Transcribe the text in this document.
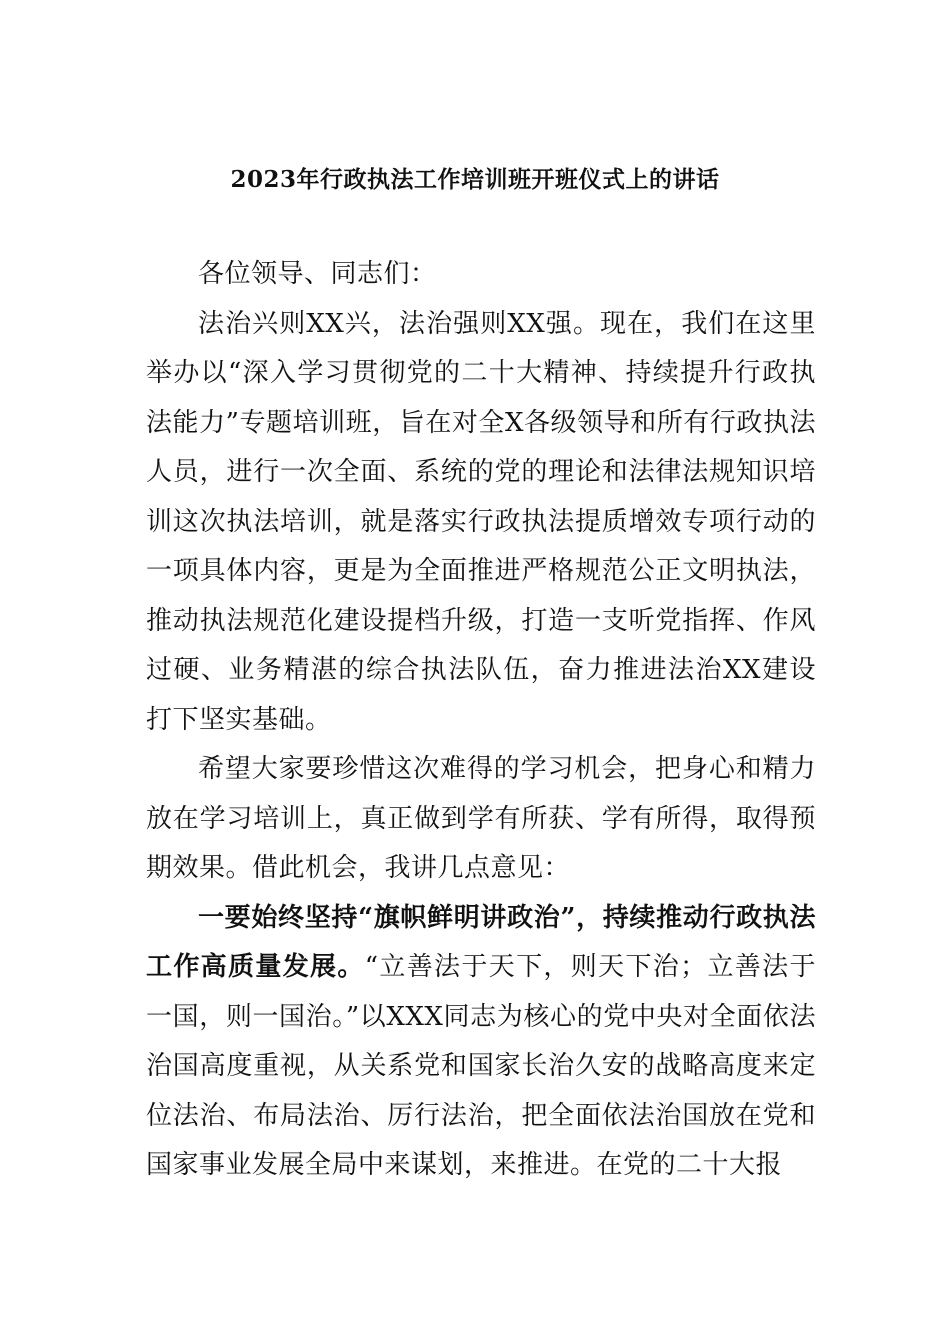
2023年行政执法工作培训班开班仪式上的讲话

各位领导、同志们：

法治兴则XX兴，法治强则XX强。现在，我们在这里举办以“深入学习贯彻党的二十大精神、持续提升行政执法能力”专题培训班，旨在对全X各级领导和所有行政执法人员，进行一次全面、系统的党的理论和法律法规知识培训这次执法培训，就是落实行政执法提质增效专项行动的一项具体内容，更是为全面推进严格规范公正文明执法，推动执法规范化建设提档升级，打造一支听党指挥、作风过硬、业务精湛的综合执法队伍，奋力推进法治XX建设打下坚实基础。

希望大家要珍惜这次难得的学习机会，把身心和精力放在学习培训上，真正做到学有所获、学有所得，取得预期效果。借此机会，我讲几点意见：

一要始终坚持“旗帜鲜明讲政治”，持续推动行政执法工作高质量发展。“立善法于天下，则天下治；立善法于一国，则一国治。”以XXX同志为核心的党中央对全面依法治国高度重视，从关系党和国家长治久安的战略高度来定位法治、布局法治、厉行法治，把全面依法治国放在党和国家事业发展全局中来谋划，来推进。在党的二十大报
